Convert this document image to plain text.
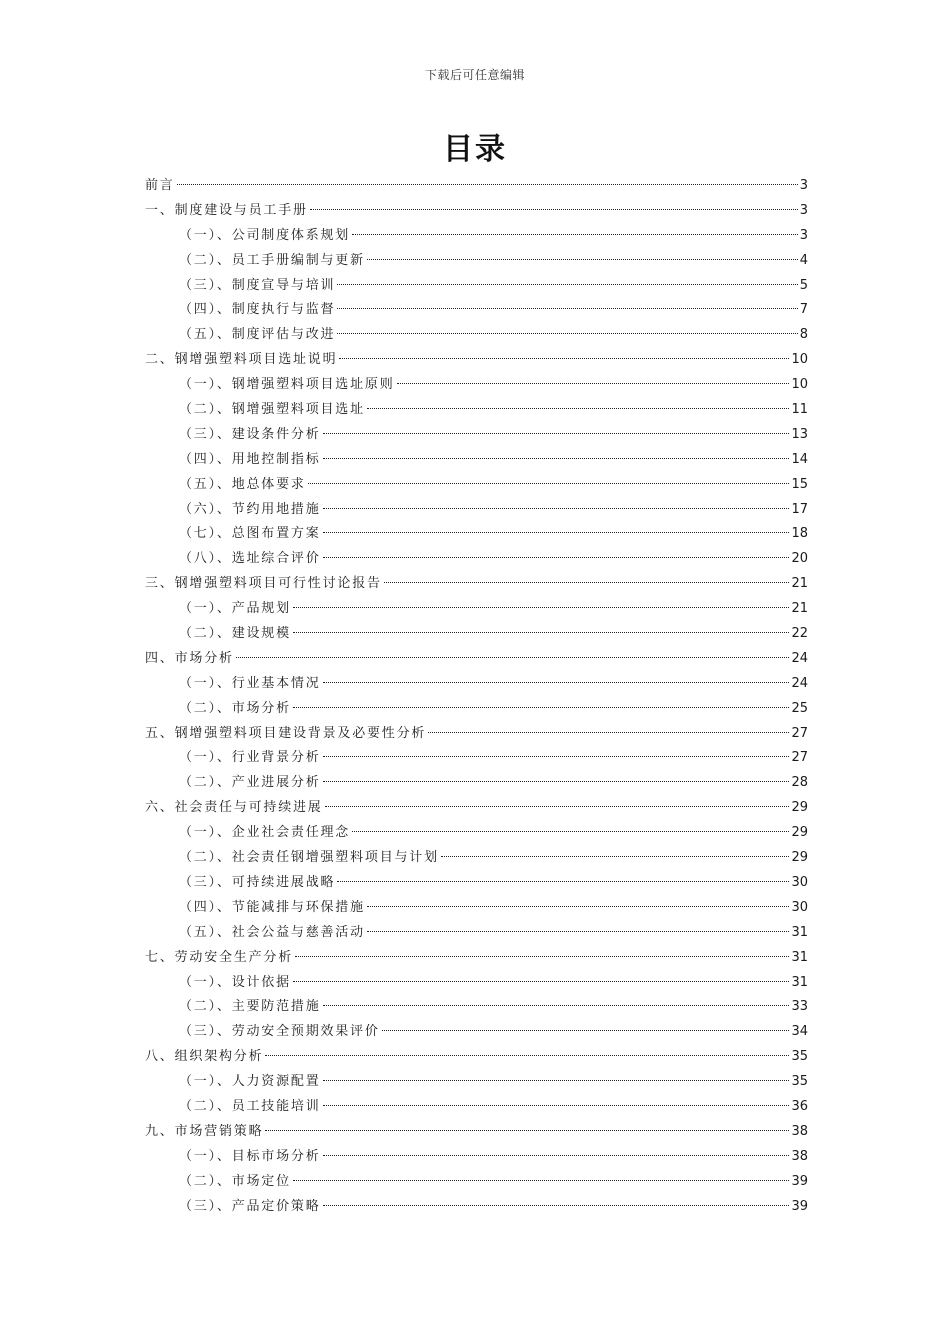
下载后可任意编辑
目录
前言	3
一、制度建设与员工手册	3
（一）、公司制度体系规划	3
（二）、员工手册编制与更新	4
（三）、制度宣导与培训	5
（四）、制度执行与监督	7
（五）、制度评估与改进	8
二、钢增强塑料项目选址说明	10
（一）、钢增强塑料项目选址原则	10
（二）、钢增强塑料项目选址	11
（三）、建设条件分析	13
（四）、用地控制指标	14
（五）、地总体要求	15
（六）、节约用地措施	17
（七）、总图布置方案	18
（八）、选址综合评价	20
三、钢增强塑料项目可行性讨论报告	21
（一）、产品规划	21
（二）、建设规模	22
四、市场分析	24
（一）、行业基本情况	24
（二）、市场分析	25
五、钢增强塑料项目建设背景及必要性分析	27
（一）、行业背景分析	27
（二）、产业进展分析	28
六、社会责任与可持续进展	29
（一）、企业社会责任理念	29
（二）、社会责任钢增强塑料项目与计划	29
（三）、可持续进展战略	30
（四）、节能减排与环保措施	30
（五）、社会公益与慈善活动	31
七、劳动安全生产分析	31
（一）、设计依据	31
（二）、主要防范措施	33
（三）、劳动安全预期效果评价	34
八、组织架构分析	35
（一）、人力资源配置	35
（二）、员工技能培训	36
九、市场营销策略	38
（一）、目标市场分析	38
（二）、市场定位	39
（三）、产品定价策略	39
